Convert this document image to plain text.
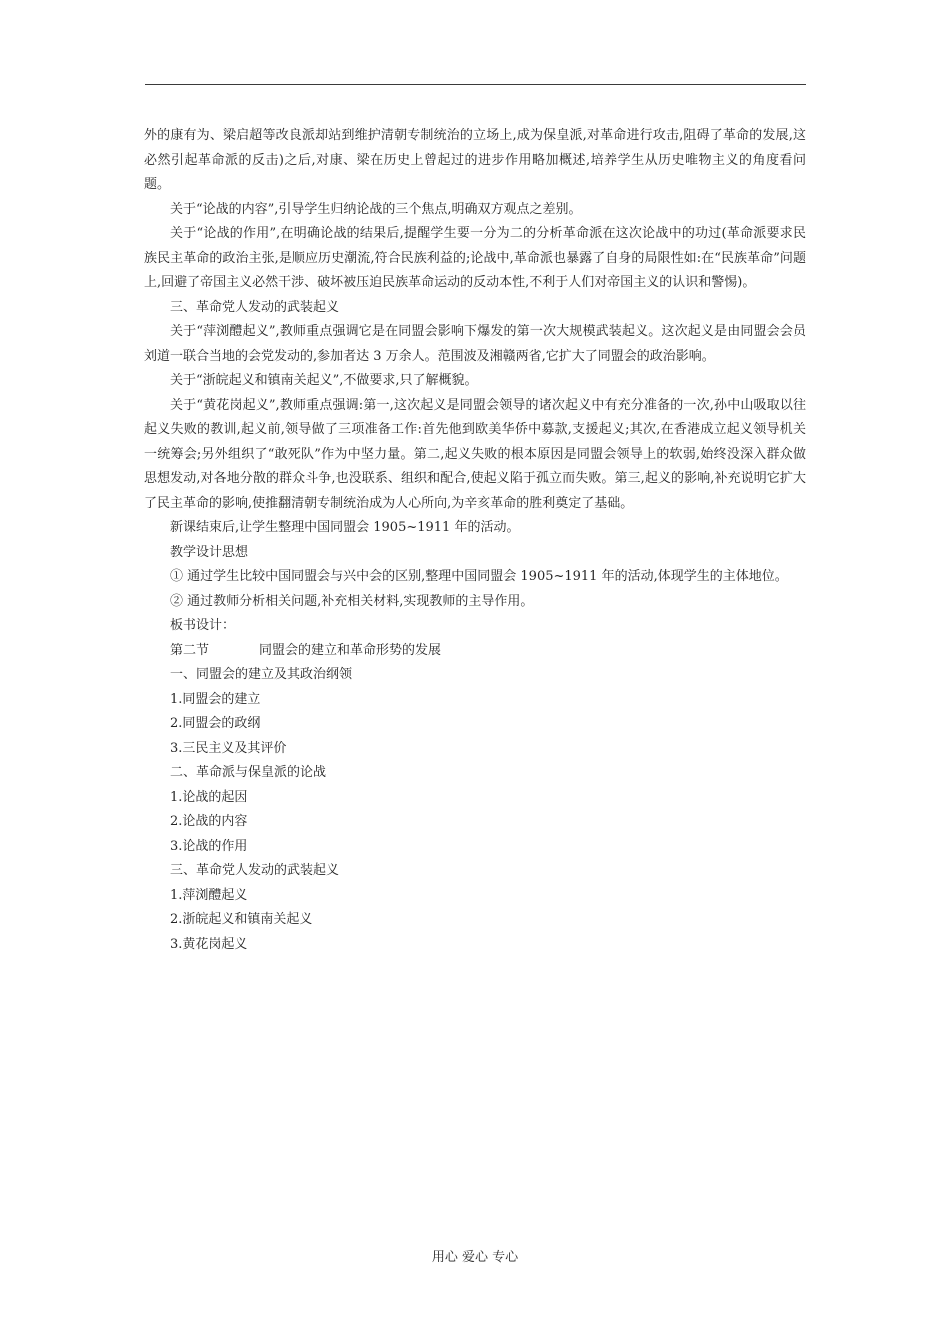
外的康有为、梁启超等改良派却站到维护清朝专制统治的立场上,成为保皇派,对革命进行攻击,阻碍了革命的发展,这必然引起革命派的反击)之后,对康、梁在历史上曾起过的进步作用略加概述,培养学生从历史唯物主义的角度看问题。

关于“论战的内容”,引导学生归纳论战的三个焦点,明确双方观点之差别。

关于“论战的作用”,在明确论战的结果后,提醒学生要一分为二的分析革命派在这次论战中的功过(革命派要求民族民主革命的政治主张,是顺应历史潮流,符合民族利益的;论战中,革命派也暴露了自身的局限性如:在“民族革命”问题上,回避了帝国主义必然干涉、破坏被压迫民族革命运动的反动本性,不利于人们对帝国主义的认识和警惕)。

三、革命党人发动的武装起义

关于“萍浏醴起义”,教师重点强调它是在同盟会影响下爆发的第一次大规模武装起义。这次起义是由同盟会会员刘道一联合当地的会党发动的,参加者达 3 万余人。范围波及湘赣两省,它扩大了同盟会的政治影响。

关于“浙皖起义和镇南关起义”,不做要求,只了解概貌。

关于“黄花岗起义”,教师重点强调:第一,这次起义是同盟会领导的诸次起义中有充分准备的一次,孙中山吸取以往起义失败的教训,起义前,领导做了三项准备工作:首先他到欧美华侨中募款,支援起义;其次,在香港成立起义领导机关一统筹会;另外组织了“敢死队”作为中坚力量。第二,起义失败的根本原因是同盟会领导上的软弱,始终没深入群众做思想发动,对各地分散的群众斗争,也没联系、组织和配合,使起义陷于孤立而失败。第三,起义的影响,补充说明它扩大了民主革命的影响,使推翻清朝专制统治成为人心所向,为辛亥革命的胜利奠定了基础。

新课结束后,让学生整理中国同盟会 1905~1911 年的活动。

教学设计思想

① 通过学生比较中国同盟会与兴中会的区别,整理中国同盟会 1905~1911 年的活动,体现学生的主体地位。

② 通过教师分析相关问题,补充相关材料,实现教师的主导作用。

板书设计：

第二节	同盟会的建立和革命形势的发展

一、同盟会的建立及其政治纲领

1.同盟会的建立

2.同盟会的政纲

3.三民主义及其评价

二、革命派与保皇派的论战

1.论战的起因

2.论战的内容

3.论战的作用

三、革命党人发动的武装起义

1.萍浏醴起义

2.浙皖起义和镇南关起义

3.黄花岗起义

用心 爱心 专心
